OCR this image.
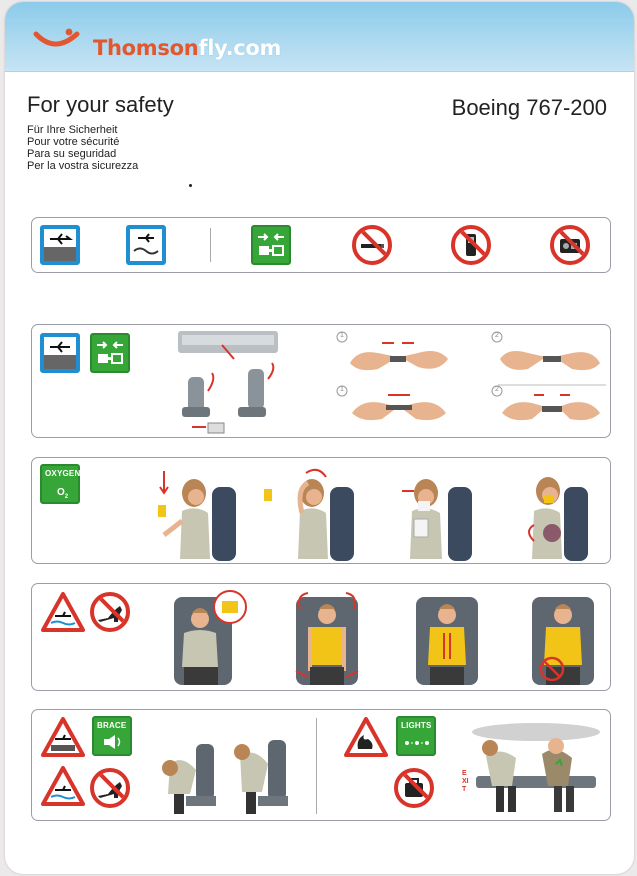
Thomsonfly.com
For your safety	Boeing 767-200
Für Ihre Sicherheit
Pour votre sécurité
Para su seguridad
Per la vostra sicurezza
1	2
1	2
OXYGEN
$O_2$
BRACE	LIGHTS
EXIT
